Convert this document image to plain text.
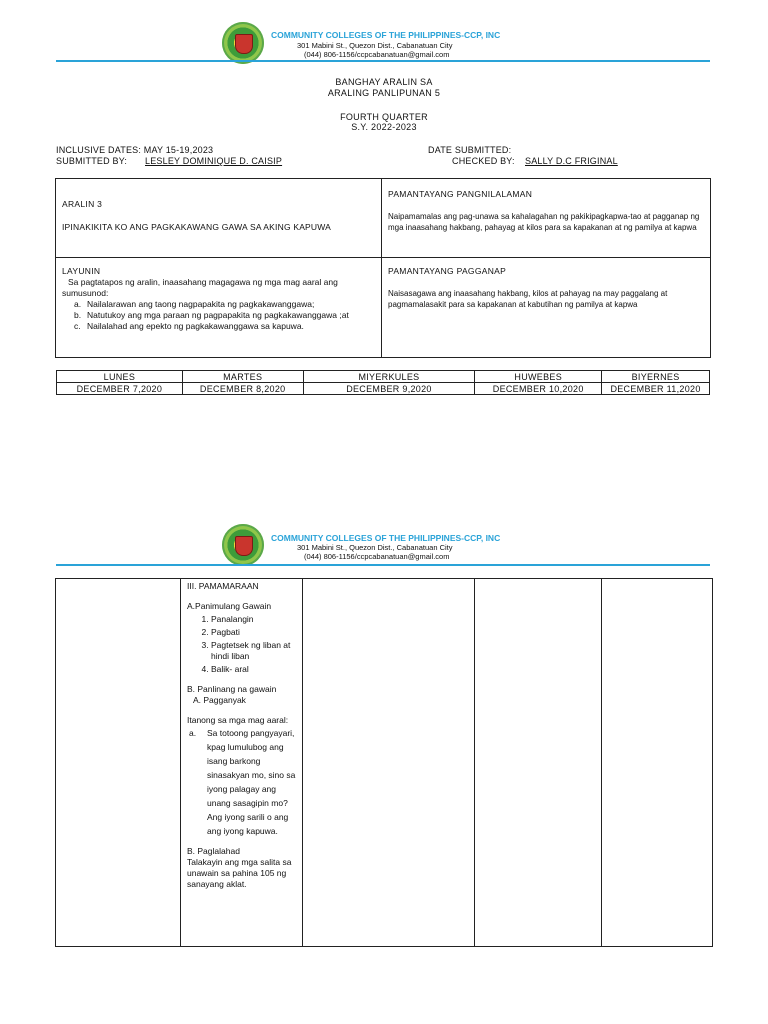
COMMUNITY COLLEGES OF THE PHILIPPINES-CCP, INC
301 Mabini St., Quezon Dist., Cabanatuan City
(044) 806-1156/ccpcabanatuan@gmail.com
BANGHAY ARALIN SA
ARALING PANLIPUNAN 5
FOURTH QUARTER
S.Y. 2022-2023
INCLUSIVE DATES: MAY 15-19,2023	DATE SUBMITTED:
SUBMITTED BY: LESLEY DOMINIQUE D. CAISIP	CHECKED BY: SALLY D.C FRIGINAL
ARALIN 3
IPINAKIKITA KO ANG PAGKAKAWANG GAWA SA AKING KAPUWA
PAMANTAYANG PANGNILALAMAN
Naipamamalas ang pag-unawa sa kahalagahan ng pakikipagkapwa-tao at pagganap ng mga inaasahang hakbang, pahayag at kilos para sa kapakanan at ng pamilya at kapwa
LAYUNIN
Sa pagtatapos ng aralin, inaasahang magagawa ng mga mag aaral ang sumusunod:
a. Nailalarawan ang taong nagpapakita ng pagkakawanggawa;
b. Natutukoy ang mga paraan ng pagpapakita ng pagkakawanggawa ;at
c. Nailalahad ang epekto ng pagkakawanggawa sa kapuwa.
PAMANTAYANG PAGGANAP
Naisasagawa ang inaasahang hakbang, kilos at pahayag na may paggalang at pagmamalasakit para sa kapakanan at kabutihan ng pamilya at kapwa
LUNES	MARTES	MIYERKULES	HUWEBES	BIYERNES
DECEMBER 7,2020	DECEMBER 8,2020	DECEMBER 9,2020	DECEMBER 10,2020	DECEMBER 11,2020
COMMUNITY COLLEGES OF THE PHILIPPINES-CCP, INC
301 Mabini St., Quezon Dist., Cabanatuan City
(044) 806-1156/ccpcabanatuan@gmail.com
III. PAMAMARAAN
A.Panimulang Gawain
1. Panalangin
2. Pagbati
3. Pagtetsek ng liban at hindi liban
4. Balik- aral
B. Panlinang na gawain
A. Pagganyak
Itanong sa mga mag aaral:
a.	Sa totoong pangyayari, kpag lumulubog ang isang barkong sinasakyan mo, sino sa iyong palagay ang unang sasagipin mo? Ang iyong sarili o ang ang iyong kapuwa.
B. Paglalahad
Talakayin ang mga salita sa unawain sa pahina 105 ng sanayang aklat.
